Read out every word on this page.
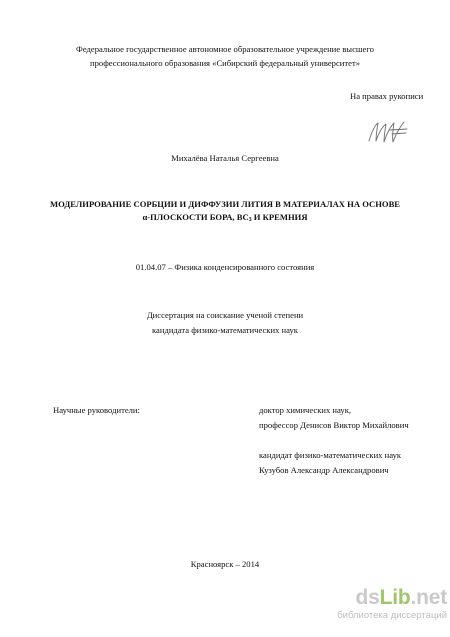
Федеральное государственное автономное образовательное учреждение высшего
профессионального образования «Сибирский федеральный университет»
На правах рукописи
Михалёва Наталья Сергеевна
МОДЕЛИРОВАНИЕ СОРБЦИИ И ДИФФУЗИИ ЛИТИЯ В МАТЕРИАЛАХ НА ОСНОВЕ
α-ПЛОСКОСТИ БОРА, $ВС_3$ И КРЕМНИЯ
01.04.07 – Физика конденсированного состояния
Диссертация на соискание ученой степени
кандидата физико-математических наук
Научные руководители:	доктор химических наук,
профессор Денисов Виктор Михайлович
кандидат физико-математических наук
Кузубов Александр Александрович
Красноярск – 2014
dsLib.net
библиотека диссертаций
